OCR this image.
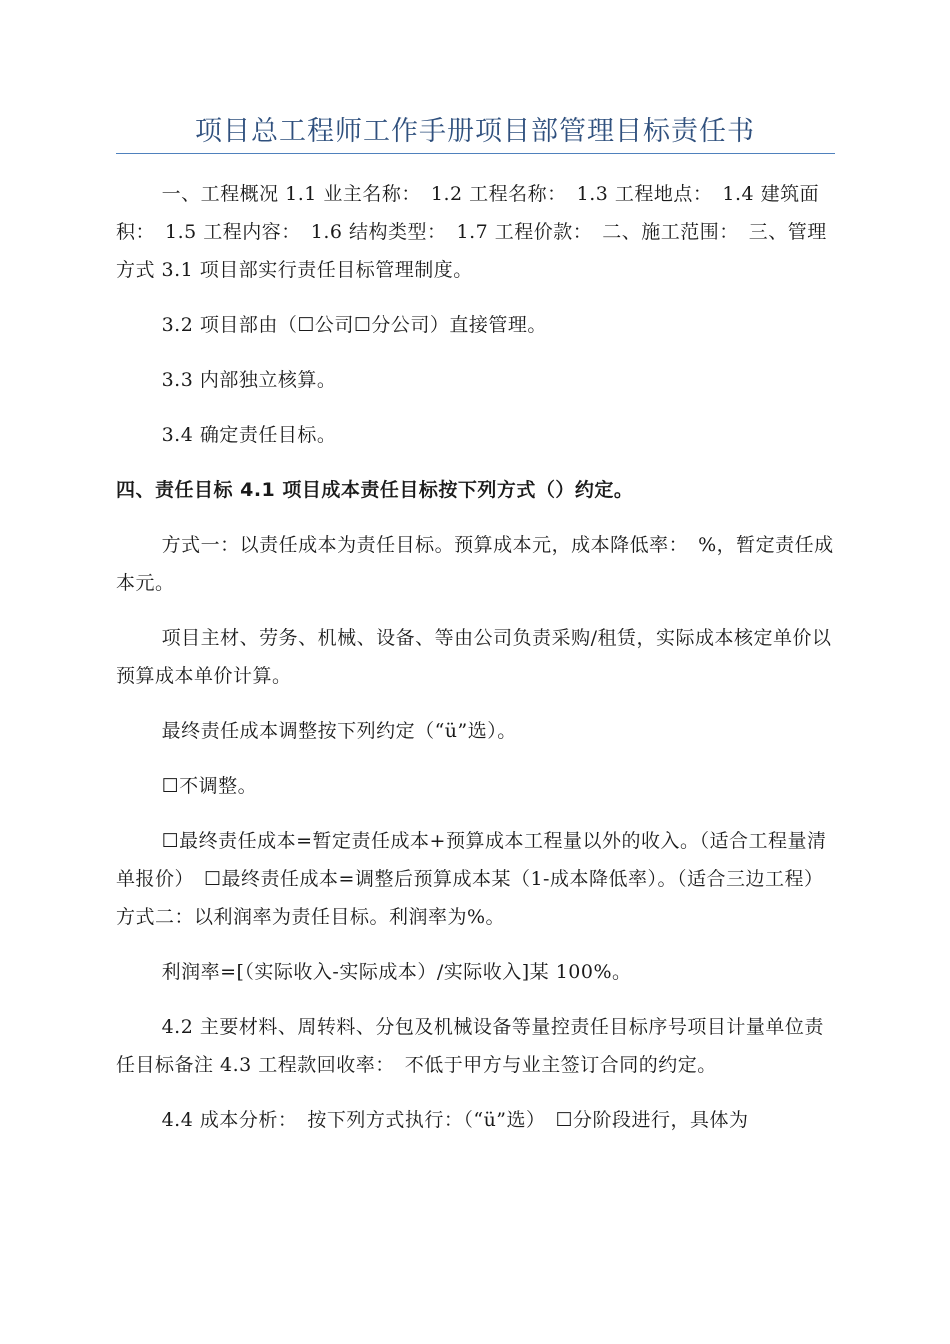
项目总工程师工作手册项目部管理目标责任书

一、工程概况 1.1 业主名称：　1.2 工程名称：　1.3 工程地点：　1.4 建筑面积：　1.5 工程内容：　1.6 结构类型：　1.7 工程价款：　二、施工范围：　三、管理方式 3.1 项目部实行责任目标管理制度。

3.2 项目部由（☐公司☐分公司）直接管理。

3.3 内部独立核算。

3.4 确定责任目标。

四、责任目标 4.1 项目成本责任目标按下列方式（）约定。

方式一：以责任成本为责任目标。预算成本元，成本降低率：　%，暂定责任成本元。

项目主材、劳务、机械、设备、等由公司负责采购/租赁，实际成本核定单价以预算成本单价计算。

最终责任成本调整按下列约定（“ü”选）。

☐不调整。

☐最终责任成本=暂定责任成本+预算成本工程量以外的收入。（适合工程量清单报价）　☐最终责任成本=调整后预算成本某（1-成本降低率）。（适合三边工程）　方式二：以利润率为责任目标。利润率为%。

利润率=[（实际收入-实际成本）/实际收入]某 100%。

4.2 主要材料、周转料、分包及机械设备等量控责任目标序号项目计量单位责任目标备注 4.3 工程款回收率：　不低于甲方与业主签订合同的约定。

4.4 成本分析：　按下列方式执行：（“ü”选）　☐分阶段进行，具体为
